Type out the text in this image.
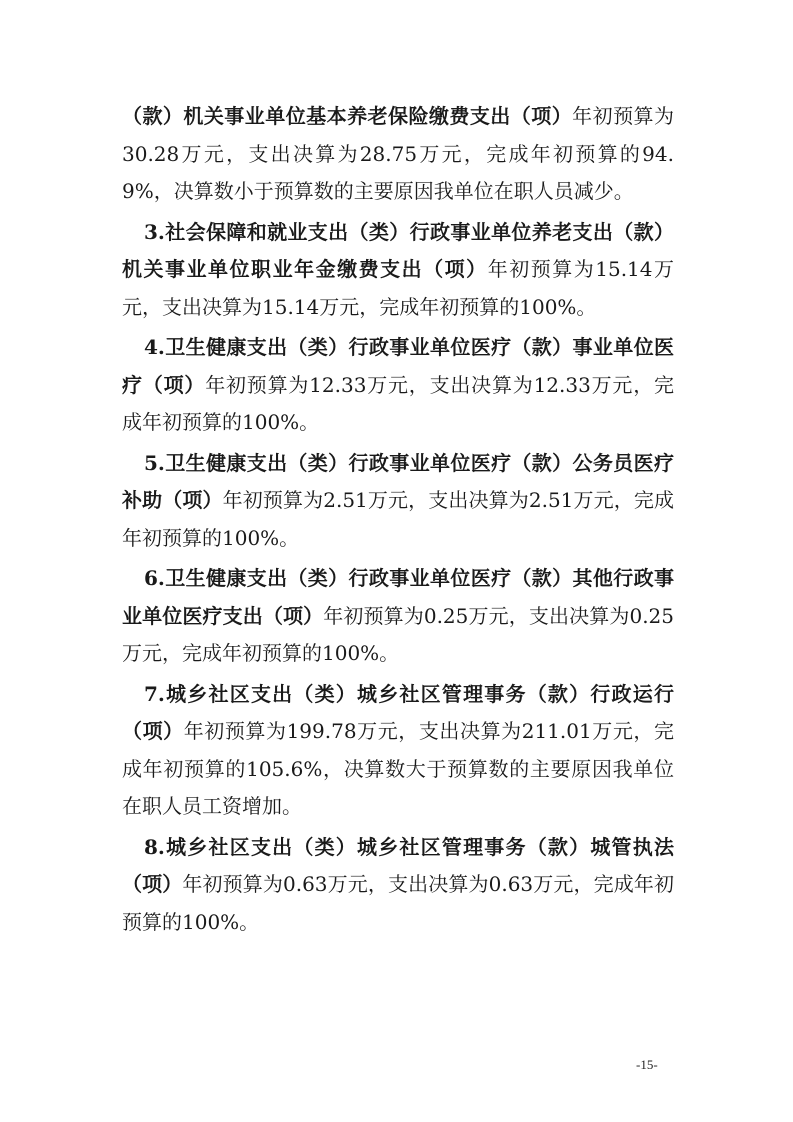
（款）机关事业单位基本养老保险缴费支出（项）年初预算为30.28万元，支出决算为28.75万元，完成年初预算的94.9%，决算数小于预算数的主要原因我单位在职人员减少。

3.社会保障和就业支出（类）行政事业单位养老支出（款）机关事业单位职业年金缴费支出（项）年初预算为15.14万元，支出决算为15.14万元，完成年初预算的100%。

4.卫生健康支出（类）行政事业单位医疗（款）事业单位医疗（项）年初预算为12.33万元，支出决算为12.33万元，完成年初预算的100%。

5.卫生健康支出（类）行政事业单位医疗（款）公务员医疗补助（项）年初预算为2.51万元，支出决算为2.51万元，完成年初预算的100%。

6.卫生健康支出（类）行政事业单位医疗（款）其他行政事业单位医疗支出（项）年初预算为0.25万元，支出决算为0.25万元，完成年初预算的100%。

7.城乡社区支出（类）城乡社区管理事务（款）行政运行（项）年初预算为199.78万元，支出决算为211.01万元，完成年初预算的105.6%，决算数大于预算数的主要原因我单位在职人员工资增加。

8.城乡社区支出（类）城乡社区管理事务（款）城管执法（项）年初预算为0.63万元，支出决算为0.63万元，完成年初预算的100%。

-15-
